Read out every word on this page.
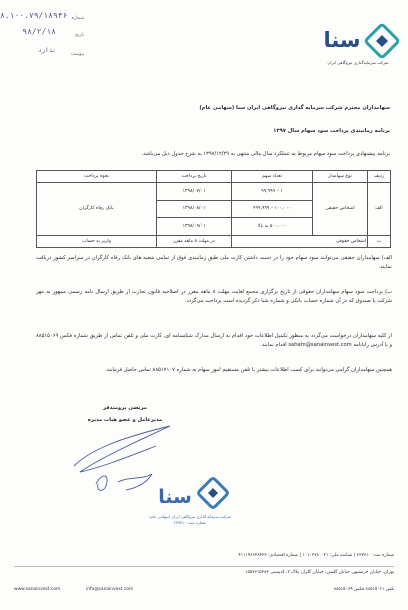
شماره
۸.۱۰۰.۷۹/۱۸۹۴۶
تاریخ
۹۸/۲/۱۸
پیوست
ندارد	سنا
شرکت سرمایه‌گذاری نیروگاهی ایران
سهامداران محترم شرکت سرمایه گذاری نیروگاهی ایران سنا (سهامی عام)
برنامه زمانبندی پرداخت سود سهام سال ۱۳۹۷
برنامه پیشنهادی پرداخت سود سهام مربوط به عملکرد سال مالی منتهی به ۱۳۹۷/۱۲/۲۹ به شرح جدول ذیل می‌باشد.
ردیف	نوع سهامدار	تعداد سهم	تاریخ پرداخت	نحوه پرداخت
الف	اشخاص حقیقی	۱ – ۹۹,۹۹۹	۱۳۹۸/۰۷/۰۱	بانک رفاه کارگران
		۱۰۰,۰۰۰ – ۴۹۹,۹۹۹	۱۳۹۸/۰۸/۰۱	
		۵۰۰,۰۰۰ به بالا	۱۳۹۸/۰۹/۰۱	
ب	اشخاص حقوقی		در مهلت ۸ ماهه مقرر	واریز به حساب
الف) سهامداران حقیقی می‌توانند سود سهام خود را در دست داشتن کارت ملی طبق زمانبندی فوق از تمامی شعبه های بانک رفاه کارگران در سراسر کشور دریافت نمایند.
ب) پرداخت سود سهام سهامداران حقوقی از تاریخ برگزاری مجمع لغایت مهلت ۸ ماهه مقرر در اصلاحیه قانون تجارت از طریق ارسال نامه رسمی ممهور به مهر شرکت یا صندوق که در آن شماره حساب بانکی و شماره شبا ذکر گردیده است پرداخت می‌گردد.
از کلیه سهامداران درخواست می‌گردد به منظور تکمیل اطلاعات خود اقدام به ارسال مدارک شناسنامه ای، کارت ملی و تلفن تماس از طریق شماره فکس ۸۸۵۱۵۰۶۹ و یا آدرس رایانامه saham@sanainvest.com اقدام نمایند.
همچنین سهامداران گرامی می‌توانند برای کسب اطلاعات بیشتر با تلفن مستقیم امور سهام به شماره ۸۸۵۱۷۱۰۷ تماس حاصل فرمایند.
مرتضی برومندفر
مدیرعامل و عضو هیات مدیره
سنا
شرکت سرمایه گذاری نیروگاهی ایران (سهامی عام)
شماره ثبت: ۲۳۷۷۱۰
شماره ثبت: ۲۳۷۷۱۰ | شناسه ملی: ۱۰۱۰۲۷۸۰۰۳۱ | شماره اقتصادی: ۴۱۱۱۹۶۶۴۸۴۳۳
تهران، خیابان خرمشهر، خیابان گلشن، خیابان گلزار، پلاک ۲، کدپستی ۱۵۵۷۶۱۵۳۸۳
تلفن ۸۸۵۱۵۰۶۱ فکس ۸۸۵۱۵۰۶۹
www.sanainvest.com	info@sanainvest.com
